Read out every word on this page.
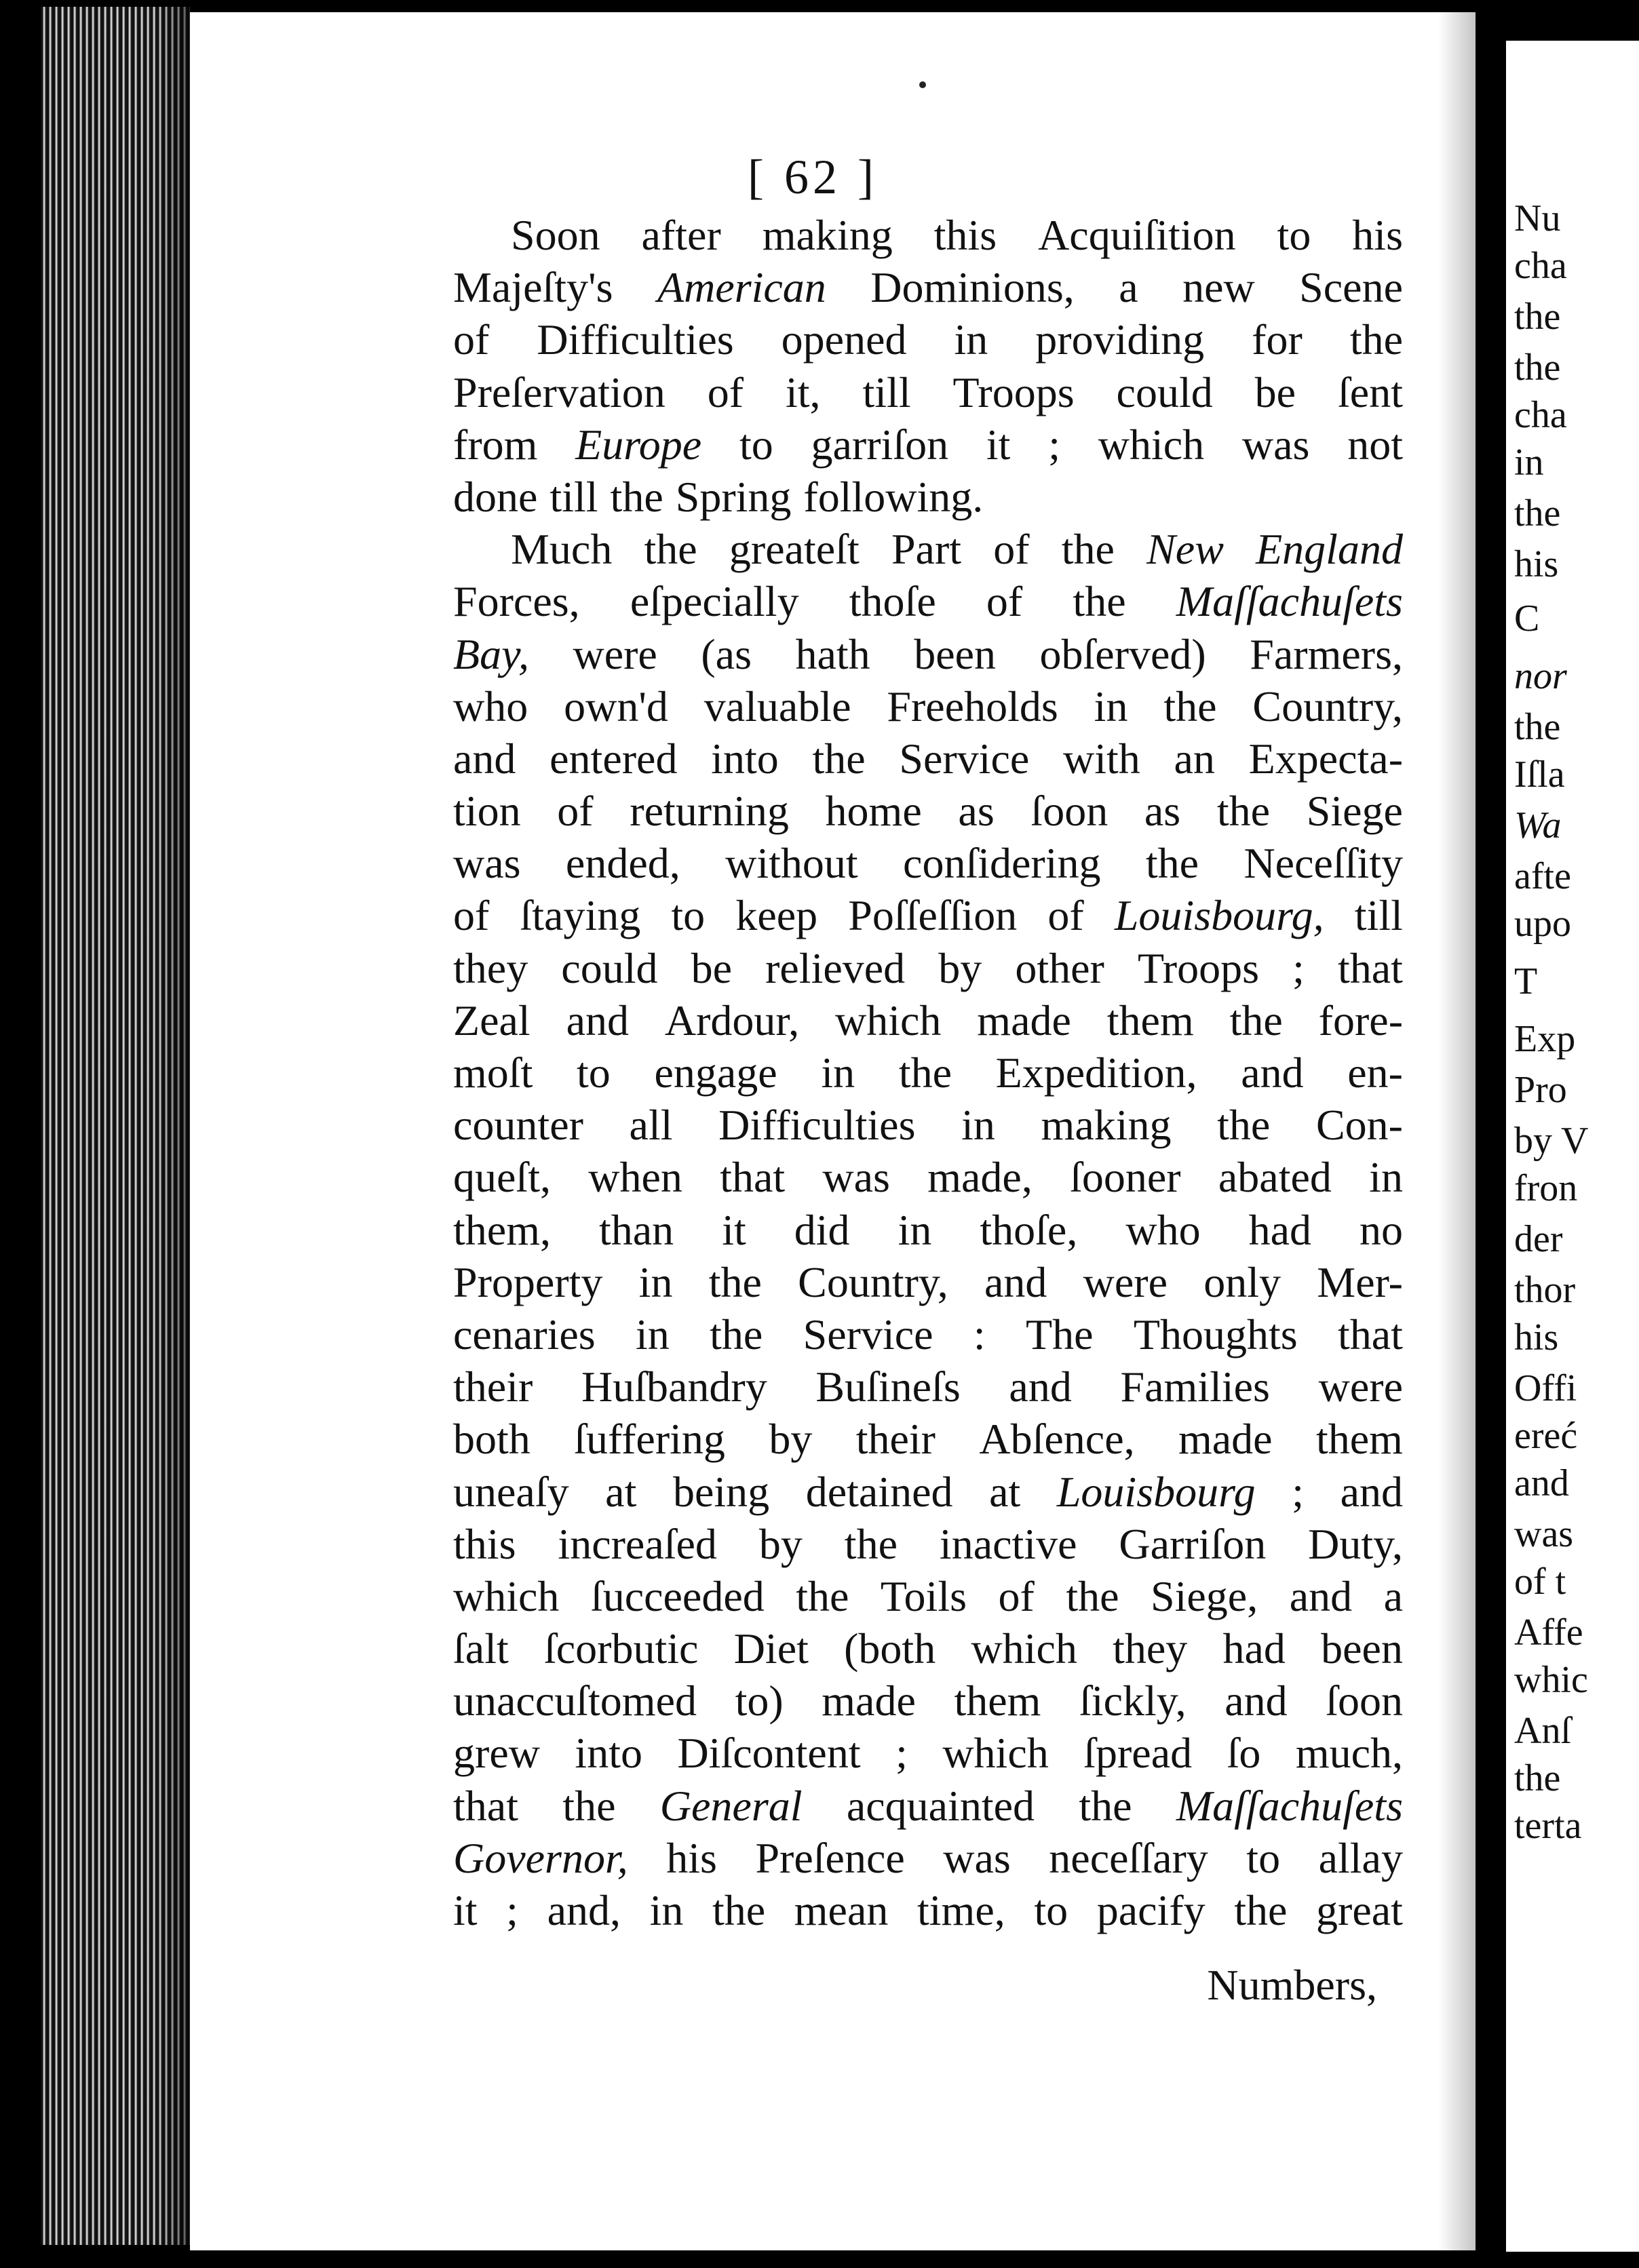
[ 62 ]
Soon after making this Acquiſition to his
Majeſty's American Dominions, a new Scene
of Difficulties opened in providing for the
Preſervation of it, till Troops could be ſent
from Europe to garriſon it ; which was not
done till the Spring following.
Much the greateſt Part of the New England
Forces, eſpecially thoſe of the Maſſachuſets
Bay, were (as hath been obſerved) Farmers,
who own'd valuable Freeholds in the Country,
and entered into the Service with an Expecta-
tion of returning home as ſoon as the Siege
was ended, without conſidering the Neceſſity
of ſtaying to keep Poſſeſſion of Louisbourg, till
they could be relieved by other Troops ; that
Zeal and Ardour, which made them the fore-
moſt to engage in the Expedition, and en-
counter all Difficulties in making the Con-
queſt, when that was made, ſooner abated in
them, than it did in thoſe, who had no
Property in the Country, and were only Mer-
cenaries in the Service : The Thoughts that
their Huſbandry Buſineſs and Families were
both ſuffering by their Abſence, made them
uneaſy at being detained at Louisbourg ; and
this increaſed by the inactive Garriſon Duty,
which ſucceeded the Toils of the Siege, and a
ſalt ſcorbutic Diet (both which they had been
unaccuſtomed to) made them ſickly, and ſoon
grew into Diſcontent ; which ſpread ſo much,
that the General acquainted the Maſſachuſets
Governor, his Preſence was neceſſary to allay
it ; and, in the mean time, to pacify the great
Numbers,
Nu
cha
the
the
cha
in
the
his
C
nor
the
Iſla
Wa
afte
upo
T
Exp
Pro
by V
fron
der
thor
his
Offi
ereć
and
was
of t
Affe
whic
Anſ
the
terta
